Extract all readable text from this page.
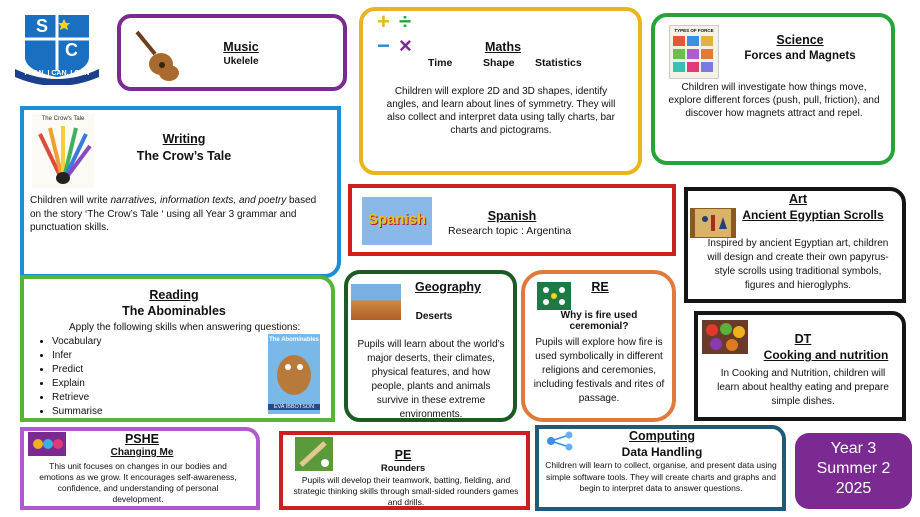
S
C
I CAN, I CAN, I CAN
Music
Ukelele
+ ÷
− ×	Maths
Time	Shape Statistics
Children will explore 2D and 3D shapes, identify angles, and learn about lines of symmetry. They will also collect and interpret data using tally charts, bar charts and pictograms.
TYPES OF FORCE
Science
Forces and Magnets
Children will investigate how things move, explore different forces (push, pull, friction), and discover how magnets attract and repel.
The Crow's Tale
Writing
The Crow’s Tale
Children will write narratives, information texts, and poetry based on the story ‘The Crow’s Tale ‘ using all Year 3 grammar and punctuation skills.	Spanish	Spanish
Research topic : Argentina
Art
Ancient Egyptian Scrolls
Inspired by ancient Egyptian art, children will design and create their own papyrus-style scrolls using traditional symbols, figures and hieroglyphs.
Reading
The Abominables
Apply the following skills when answering questions:
• Vocabulary
• Infer
• Predict
• Explain
• Retrieve
• Summarise
The Abominables
EVA IBBOTSON
Geography
Deserts
Pupils will learn about the world’s major deserts, their climates, physical features, and how people, plants and animals survive in these extreme environments.
RE
Why is fire used ceremonial?
Pupils will explore how fire is used symbolically in different religions and ceremonies, including festivals and rites of passage.
DT
Cooking and nutrition
In Cooking and Nutrition, children will learn about healthy eating and prepare simple dishes.
PSHE
Changing Me
This unit focuses on changes in our bodies and emotions as we grow. It encourages self-awareness, confidence, and understanding of personal development.
PE
Rounders
Pupils will develop their teamwork, batting, fielding, and strategic thinking skills through small-sided rounders games and drills.
Computing
Data Handling
Children will learn to collect, organise, and present data using simple software tools. They will create charts and graphs and begin to interpret data to answer questions.
Year 3
Summer 2
2025
